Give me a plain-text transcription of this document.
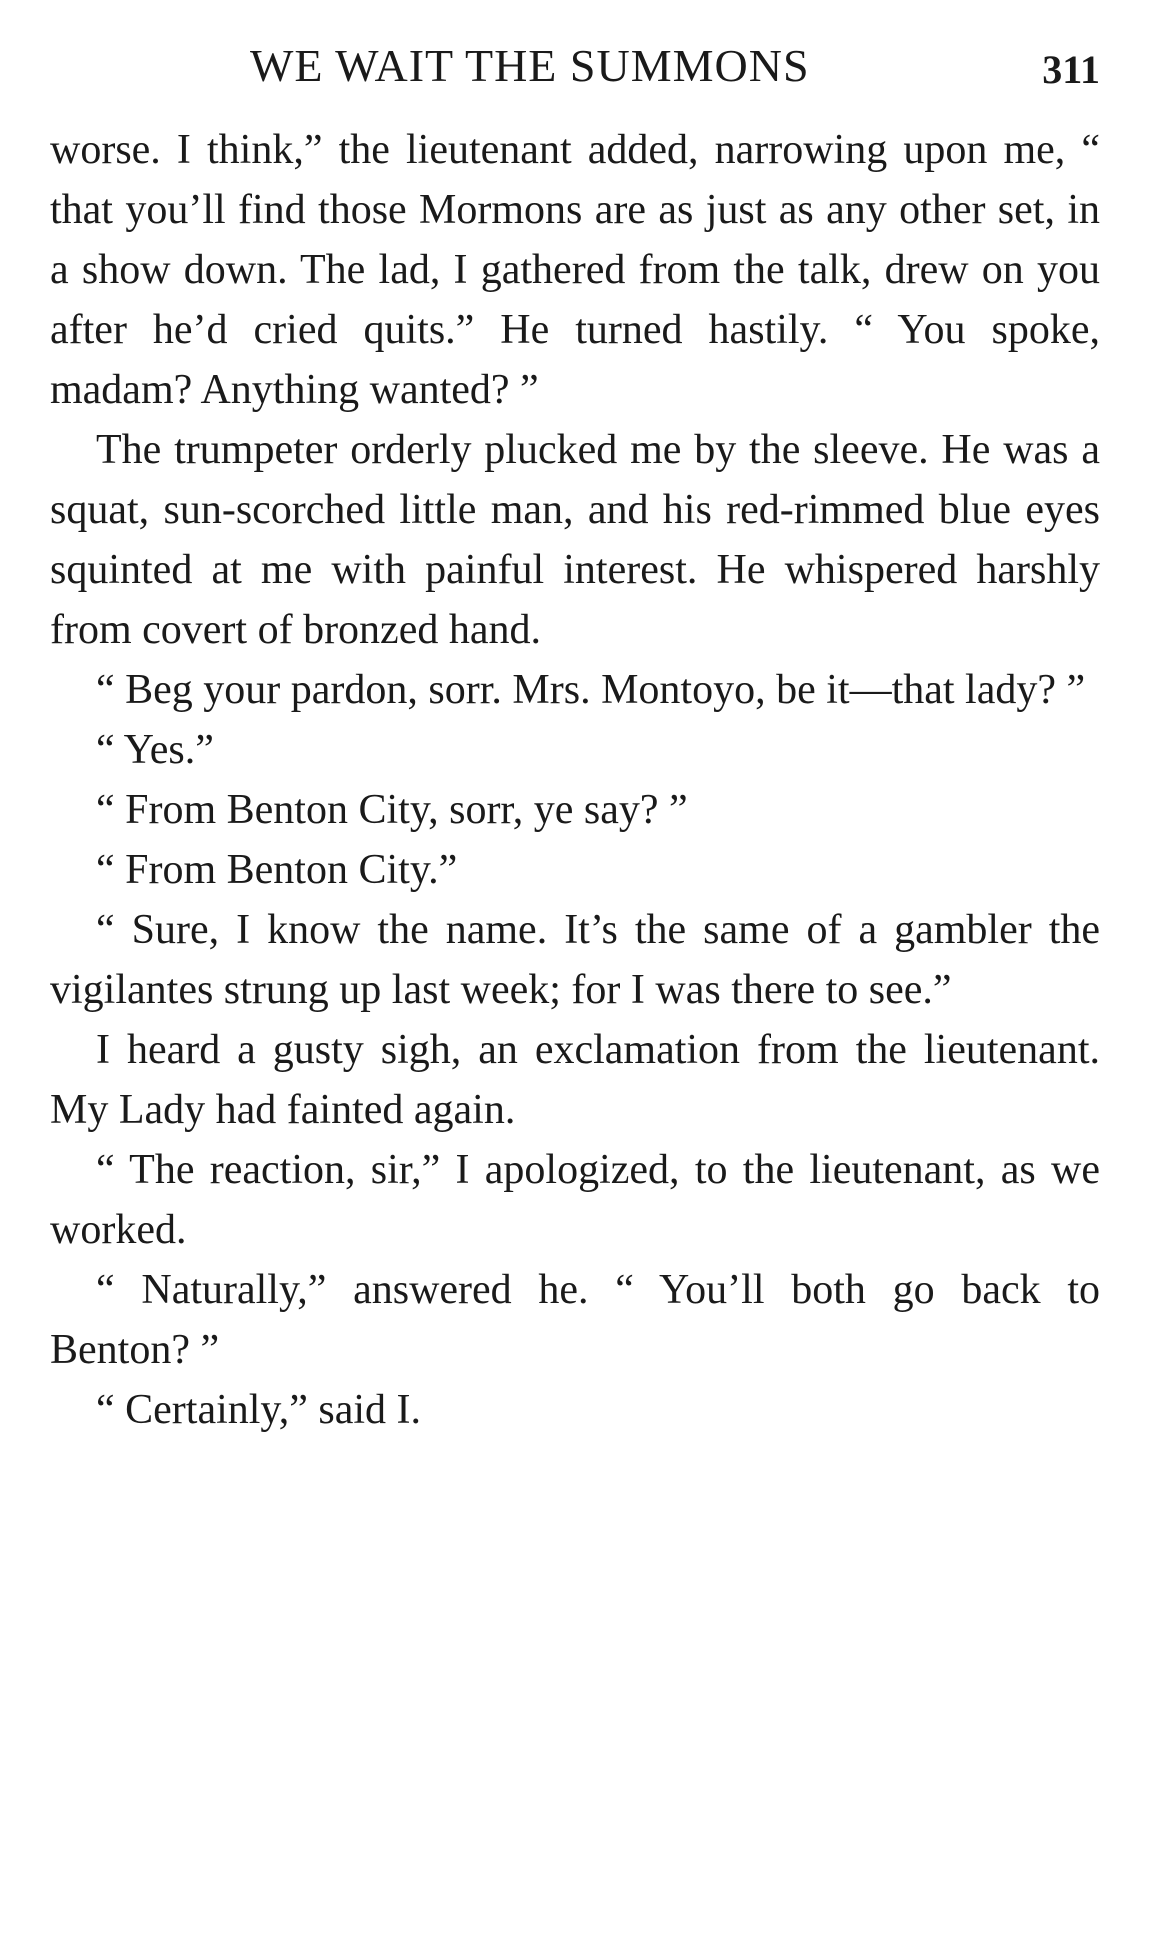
WE WAIT THE SUMMONS	311

worse. I think,” the lieutenant added, narrowing upon me, “ that you’ll find those Mormons are as just as any other set, in a show down. The lad, I gathered from the talk, drew on you after he’d cried quits.” He turned hastily. “ You spoke, madam? Anything wanted? ”

The trumpeter orderly plucked me by the sleeve. He was a squat, sun-scorched little man, and his red-rimmed blue eyes squinted at me with painful interest. He whispered harshly from covert of bronzed hand.

“ Beg your pardon, sorr. Mrs. Montoyo, be it—that lady? ”

“ Yes.”

“ From Benton City, sorr, ye say? ”

“ From Benton City.”

“ Sure, I know the name. It’s the same of a gambler the vigilantes strung up last week; for I was there to see.”

I heard a gusty sigh, an exclamation from the lieutenant. My Lady had fainted again.

“ The reaction, sir,” I apologized, to the lieutenant, as we worked.

“ Naturally,” answered he. “ You’ll both go back to Benton? ”

“ Certainly,” said I.
